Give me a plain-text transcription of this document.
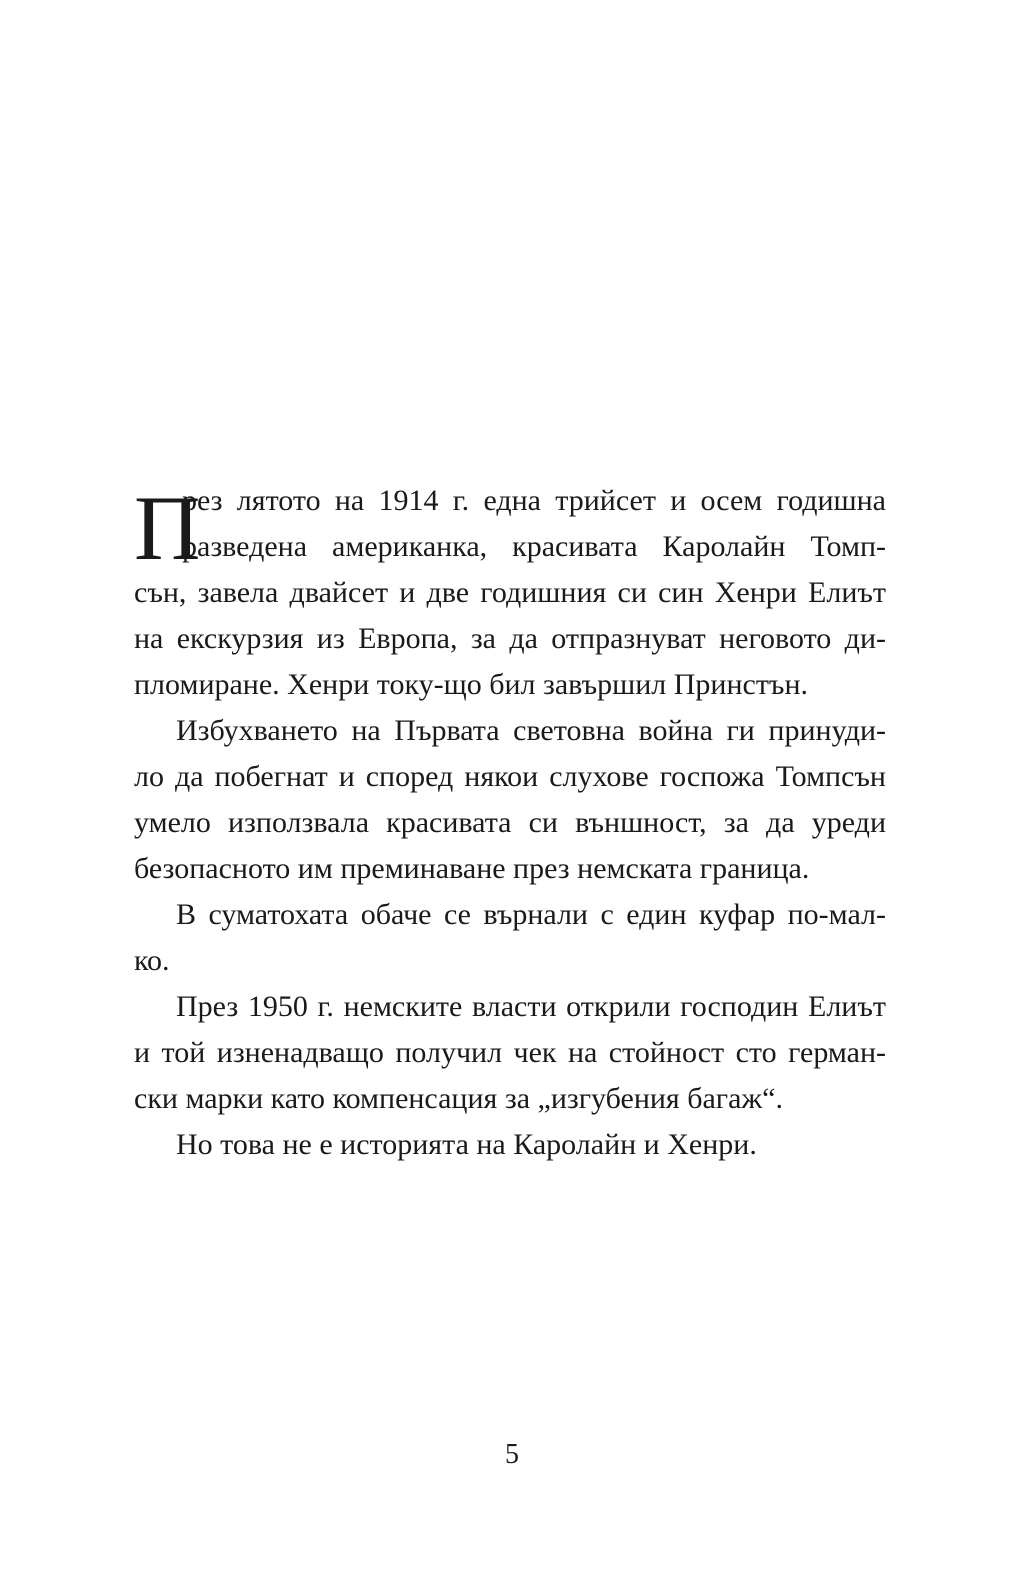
П
рез лятото на 1914 г. една трийсет и осем годишна
разведена американка, красивата Каролайн Томп-
сън, завела двайсет и две годишния си син Хенри Елиът
на екскурзия из Европа, за да отпразнуват неговото ди-
пломиране. Хенри току-що бил завършил Принстън.
Избухването на Първата световна война ги принуди-
ло да побегнат и според някои слухове госпожа Томпсън
умело използвала красивата си външност, за да уреди
безопасното им преминаване през немската граница.
В суматохата обаче се върнали с един куфар по-мал-
ко.
През 1950 г. немските власти открили господин Елиът
и той изненадващо получил чек на стойност сто герман-
ски марки като компенсация за „изгубения багаж“.
Но това не е историята на Каролайн и Хенри.
5
